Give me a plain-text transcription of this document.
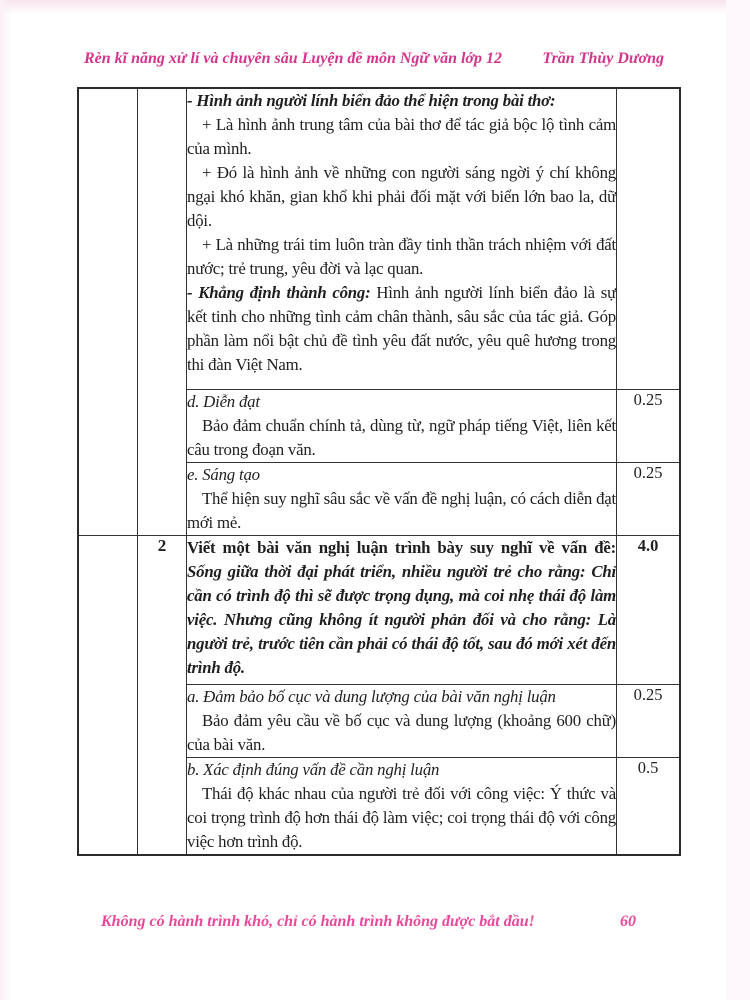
Rèn kĩ năng xử lí và chuyên sâu Luyện đề môn Ngữ văn lớp 12	Trần Thùy Dương

		- Hình ảnh người lính biển đảo thể hiện trong bài thơ:

+ Là hình ảnh trung tâm của bài thơ để tác giả bộc lộ tình cảm của mình.

+ Đó là hình ảnh về những con người sáng ngời ý chí không ngại khó khăn, gian khổ khi phải đối mặt với biển lớn bao la, dữ dội.

+ Là những trái tim luôn tràn đầy tinh thần trách nhiệm với đất nước; trẻ trung, yêu đời và lạc quan.

- Khẳng định thành công: Hình ảnh người lính biển đảo là sự kết tinh cho những tình cảm chân thành, sâu sắc của tác giả. Góp phần làm nổi bật chủ đề tình yêu đất nước, yêu quê hương trong thi đàn Việt Nam.	

		d. Diễn đạt

Bảo đảm chuẩn chính tả, dùng từ, ngữ pháp tiếng Việt, liên kết câu trong đoạn văn.	0.25

		e. Sáng tạo

Thể hiện suy nghĩ sâu sắc về vấn đề nghị luận, có cách diễn đạt mới mẻ.	0.25
	2	Viết một bài văn nghị luận trình bày suy nghĩ về vấn đề: Sống giữa thời đại phát triển, nhiều người trẻ cho rằng: Chỉ cần có trình độ thì sẽ được trọng dụng, mà coi nhẹ thái độ làm việc. Nhưng cũng không ít người phản đối và cho rằng: Là người trẻ, trước tiên cần phải có thái độ tốt, sau đó mới xét đến trình độ.	4.0

		a. Đảm bảo bố cục và dung lượng của bài văn nghị luận

Bảo đảm yêu cầu về bố cục và dung lượng (khoảng 600 chữ) của bài văn.	0.25

		b. Xác định đúng vấn đề cần nghị luận

Thái độ khác nhau của người trẻ đối với công việc: Ý thức và coi trọng trình độ hơn thái độ làm việc; coi trọng thái độ với công việc hơn trình độ.	0.5
Không có hành trình khó, chỉ có hành trình không được bắt đầu!	60
